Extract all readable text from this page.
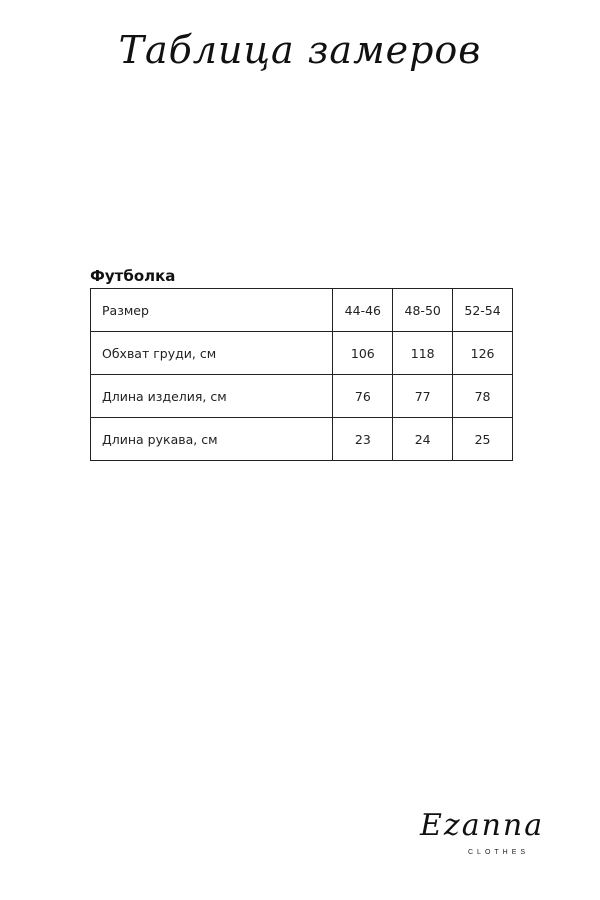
Таблица замеров
Футболка
Размер	44-46	48-50	52-54
Обхват груди, см	106	118	126
Длина изделия, см	76	77	78
Длина рукава, см	23	24	25
Ezanna
CLOTHES
